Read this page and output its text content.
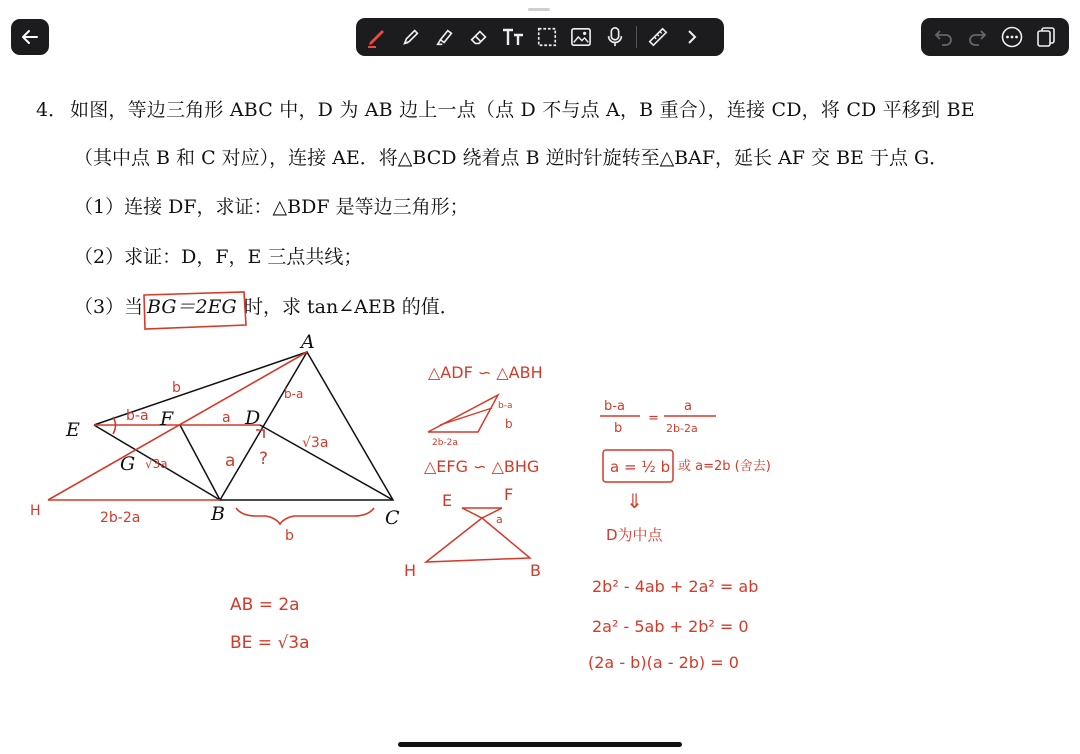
4． 如图，等边三角形 ABC 中，D 为 AB 边上一点（点 D 不与点 A，B 重合），连接 CD，将 CD 平移到 BE
（其中点 B 和 C 对应），连接 AE．将△BCD 绕着点 B 逆时针旋转至△BAF，延长 AF 交 BE 于点 G．
（1）连接 DF，求证：△BDF 是等边三角形；
（2）求证：D，F，E 三点共线；
（3）当 BG＝2EG 时，求 tan∠AEB 的值．
A
E	F	D
G
B	C
b
b-a	a
b-a
√3a
a ?
√3a
H	2b-2a
b
△ADF ∽ △ABH
b-a
b
2b-2a
△EFG ∽ △BHG
E	F
a
H	B
AB = 2a
BE = √3a
b-a
b
=
a
2b-2a
a = ½ b 或 a=2b (舍去)
⇓
D为中点
2b² - 4ab + 2a² = ab
2a² - 5ab + 2b² = 0
(2a - b)(a - 2b) = 0
